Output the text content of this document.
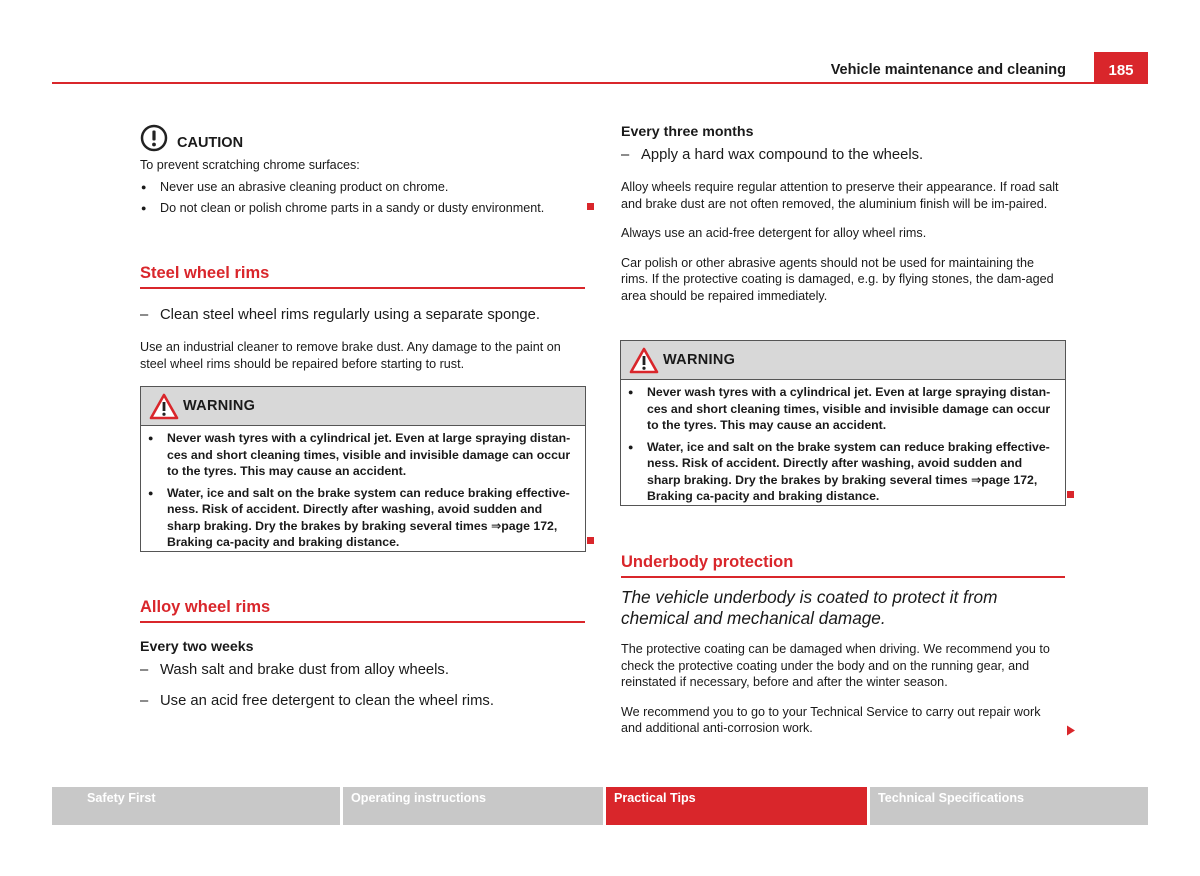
Vehicle maintenance and cleaning	185
CAUTION

To prevent scratching chrome surfaces:

● Never use an abrasive cleaning product on chrome.

● Do not clean or polish chrome parts in a sandy or dusty environment.

Steel wheel rims

– Clean steel wheel rims regularly using a separate sponge.

Use an industrial cleaner to remove brake dust. Any damage to the paint on steel wheel rims should be repaired before starting to rust.

WARNING

● Never wash tyres with a cylindrical jet. Even at large spraying distan-ces and short cleaning times, visible and invisible damage can occur to the tyres. This may cause an accident.

● Water, ice and salt on the brake system can reduce braking effective-ness. Risk of accident. Directly after washing, avoid sudden and sharp braking. Dry the brakes by braking several times ⇒page 172, Braking ca-pacity and braking distance.

Alloy wheel rims

Every two weeks

– Wash salt and brake dust from alloy wheels.

– Use an acid free detergent to clean the wheel rims.

Every three months

– Apply a hard wax compound to the wheels.

Alloy wheels require regular attention to preserve their appearance. If road salt and brake dust are not often removed, the aluminium finish will be im-paired.

Always use an acid-free detergent for alloy wheel rims.

Car polish or other abrasive agents should not be used for maintaining the rims. If the protective coating is damaged, e.g. by flying stones, the dam-aged area should be repaired immediately.

WARNING

● Never wash tyres with a cylindrical jet. Even at large spraying distan-ces and short cleaning times, visible and invisible damage can occur to the tyres. This may cause an accident.

● Water, ice and salt on the brake system can reduce braking effective-ness. Risk of accident. Directly after washing, avoid sudden and sharp braking. Dry the brakes by braking several times ⇒page 172, Braking ca-pacity and braking distance.

Underbody protection

The vehicle underbody is coated to protect it from chemical and mechanical damage.

The protective coating can be damaged when driving. We recommend you to check the protective coating under the body and on the running gear, and reinstated if necessary, before and after the winter season.

We recommend you to go to your Technical Service to carry out repair work and additional anti-corrosion work.

Safety First	Operating instructions	Practical Tips	Technical Specifications
